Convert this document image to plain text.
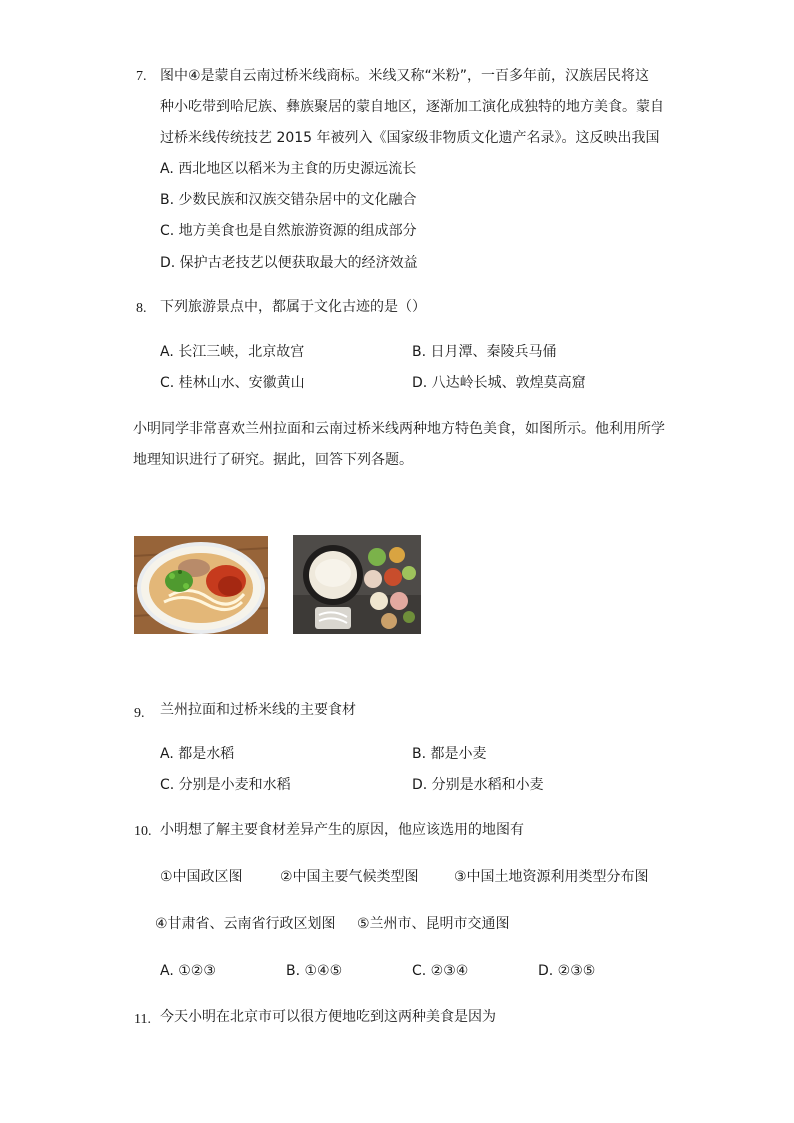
7. 图中④是蒙自云南过桥米线商标。米线又称“米粉”，一百多年前，汉族居民将这
种小吃带到哈尼族、彝族聚居的蒙自地区，逐渐加工演化成独特的地方美食。蒙自
过桥米线传统技艺 2015 年被列入《国家级非物质文化遗产名录》。这反映出我国
A. 西北地区以稻米为主食的历史源远流长
B. 少数民族和汉族交错杂居中的文化融合
C. 地方美食也是自然旅游资源的组成部分
D. 保护古老技艺以便获取最大的经济效益
8. 下列旅游景点中，都属于文化古迹的是（）
A. 长江三峡，北京故宫	B. 日月潭、秦陵兵马俑
C. 桂林山水、安徽黄山	D. 八达岭长城、敦煌莫高窟
小明同学非常喜欢兰州拉面和云南过桥米线两种地方特色美食，如图所示。他利用所学
地理知识进行了研究。据此，回答下列各题。
9. 兰州拉面和过桥米线的主要食材
A. 都是水稻	B. 都是小麦
C. 分别是小麦和水稻	D. 分别是水稻和小麦
10. 小明想了解主要食材差异产生的原因，他应该选用的地图有
①中国政区图	②中国主要气候类型图	③中国土地资源利用类型分布图
④甘肃省、云南省行政区划图 ⑤兰州市、昆明市交通图
A. ①②③	B. ①④⑤	C. ②③④	D. ②③⑤
11. 今天小明在北京市可以很方便地吃到这两种美食是因为
